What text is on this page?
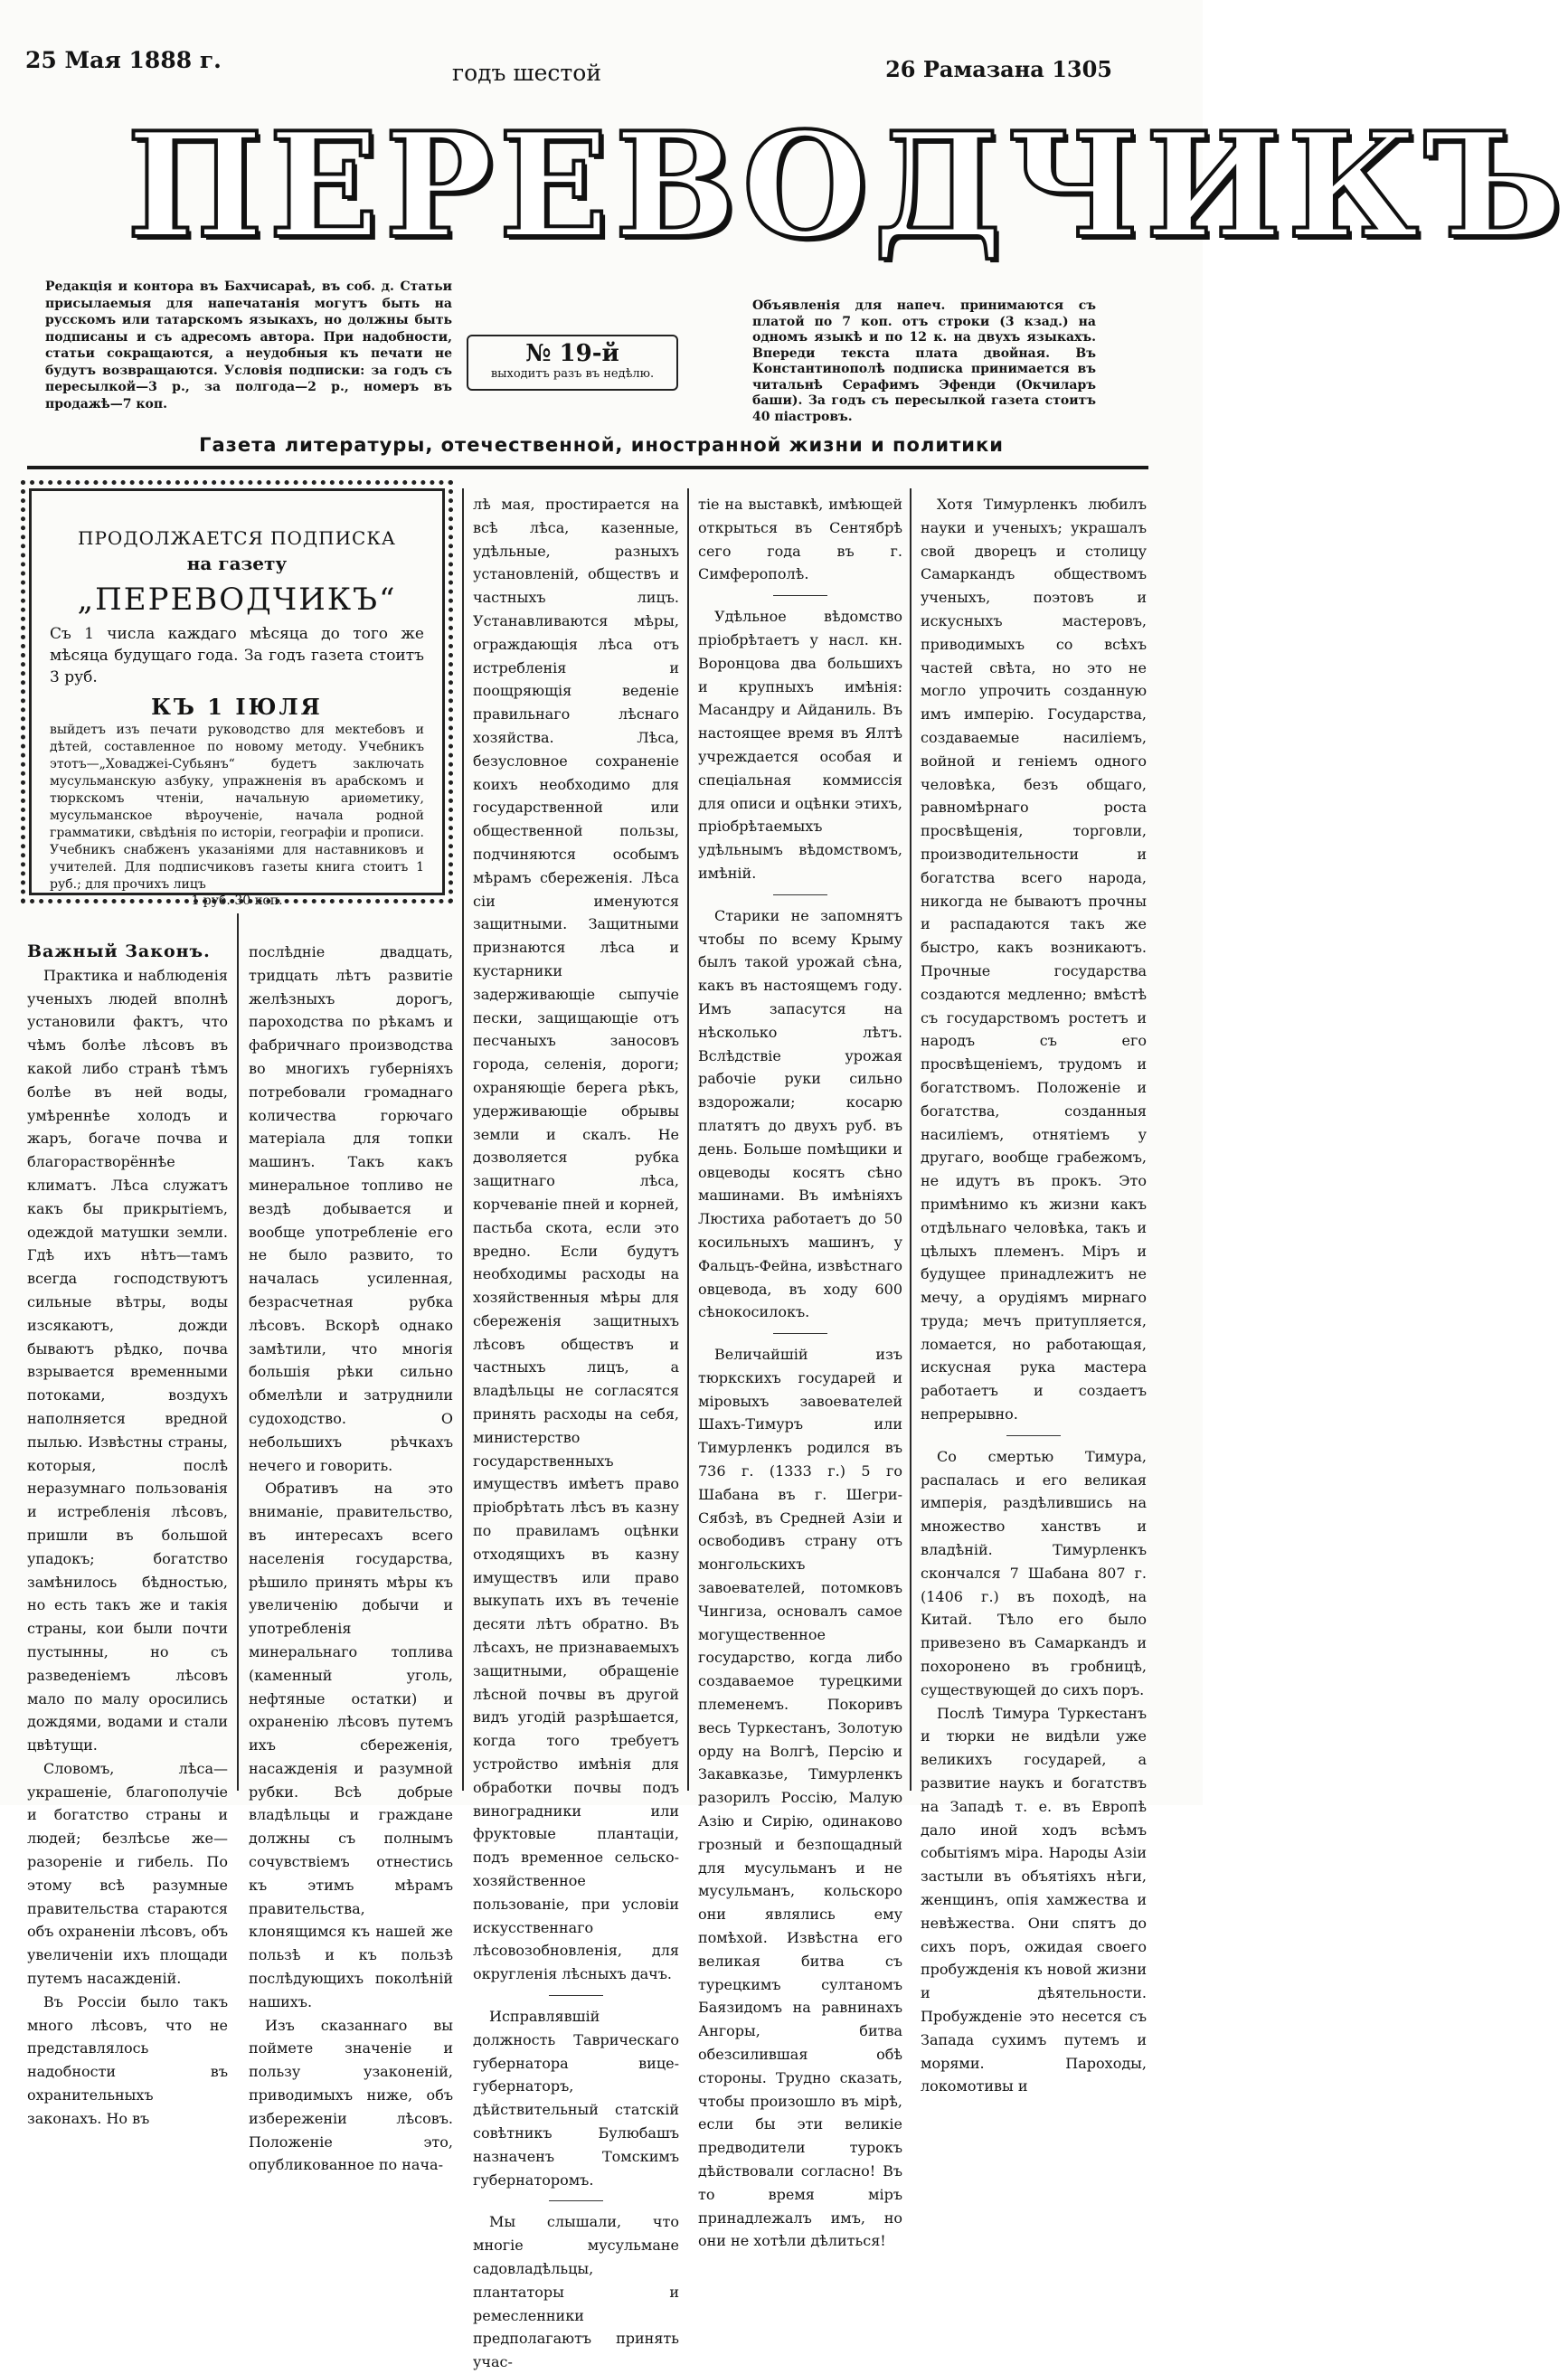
25 Мая 1888 г.	годъ шестой	26 Рамазана 1305
ПЕРЕВОДЧИКЪ
Редакція и контора въ Бахчисараѣ, въ соб. д. Статьи присылаемыя для напечатанія могутъ быть на русскомъ или татарскомъ языкахъ, но должны быть подписаны и съ адресомъ автора. При надобности, статьи сокращаются, а неудобныя къ печати не будутъ возвращаются. Условія подписки: за годъ съ пересылкой—3 р., за полгода—2 р., номеръ въ продажѣ—7 коп.
№ 19-й
выходитъ разъ въ недѣлю.
Объявленія для напеч. принимаются съ платой по 7 коп. отъ строки (3 кзад.) на одномъ языкѣ и по 12 к. на двухъ языкахъ. Впереди текста плата двойная. Въ Константинополѣ подписка принимается въ читальнѣ Серафимъ Эфенди (Окчиларъ баши). За годъ съ пересылкой газета стоитъ 40 піастровъ.
Газета литературы, отечественной, иностранной жизни и политики
ПРОДОЛЖАЕТСЯ ПОДПИСКА
на газету
„ПЕРЕВОДЧИКЪ“
Съ 1 числа каждаго мѣсяца до того же мѣсяца будущаго года. За годъ газета стоитъ 3 руб.
КЪ 1 ІЮЛЯ
выйдетъ изъ печати руководство для мектебовъ и дѣтей, составленное по новому методу. Учебникъ этотъ—„Ховаджеі-Субьянъ“ будетъ заключать мусульманскую азбуку, упражненія въ арабскомъ и тюркскомъ чтеніи, начальную ариѳметику, мусульманское вѣроученіе, начала родной грамматики, свѣдѣнія по исторіи, географіи и прописи. Учебникъ снабженъ указаніями для наставниковъ и учителей. Для подписчиковъ газеты книга стоитъ 1 руб.; для прочихъ лицъ
1 руб. 30 коп.

Важный Законъ.

Практика и наблюденія ученыхъ людей вполнѣ установили фактъ, что чѣмъ болѣе лѣсовъ въ какой либо странѣ тѣмъ болѣе въ ней воды, умѣреннѣе холодъ и жаръ, богаче почва и благорастворённѣе климатъ. Лѣса служатъ какъ бы прикрытіемъ, одеждой матушки земли. Гдѣ ихъ нѣтъ—тамъ всегда господствуютъ сильные вѣтры, воды изсякаютъ, дожди бываютъ рѣдко, почва взрывается временными потоками, воздухъ наполняется вредной пылью. Извѣстны страны, которыя, послѣ неразумнаго пользованія и истребленія лѣсовъ, пришли въ большой упадокъ; богатство замѣнилось бѣдностью, но есть такъ же и такія страны, кои были почти пустынны, но съ разведеніемъ лѣсовъ мало по малу оросились дождями, водами и стали цвѣтущи.

Словомъ, лѣса—украшеніе, благополучіе и богатство страны и людей; безлѣсье же—разореніе и гибель. По этому всѣ разумные правительства стараются объ охраненіи лѣсовъ, объ увеличеніи ихъ площади путемъ насажденій.

Въ Россіи было такъ много лѣсовъ, что не представлялось надобности въ охранительныхъ законахъ. Но въ

послѣдніе двадцать, тридцать лѣтъ развитіе желѣзныхъ дорогъ, пароходства по рѣкамъ и фабричнаго производства во многихъ губерніяхъ потребовали громаднаго количества горючаго матеріала для топки машинъ. Такъ какъ минеральное топливо не вездѣ добывается и вообще употребленіе его не было развито, то началась усиленная, безрасчетная рубка лѣсовъ. Вскорѣ однако замѣтили, что многія большія рѣки сильно обмелѣли и затруднили судоходство. О небольшихъ рѣчкахъ нечего и говорить.

Обративъ на это вниманіе, правительство, въ интересахъ всего населенія государства, рѣшило принять мѣры къ увеличенію добычи и употребленія минеральнаго топлива (каменный уголь, нефтяные остатки) и охраненію лѣсовъ путемъ ихъ сбереженія, насажденія и разумной рубки. Всѣ добрые владѣльцы и граждане должны съ полнымъ сочувствіемъ отнестись къ этимъ мѣрамъ правительства, клонящимся къ нашей же пользѣ и къ пользѣ послѣдующихъ поколѣній нашихъ.

Изъ сказаннаго вы поймете значеніе и пользу узаконеній, приводимыхъ ниже, объ избереженіи лѣсовъ. Положеніе это, опубликованное по нача-

лѣ мая, простирается на всѣ лѣса, казенные, удѣльные, разныхъ установленій, обществъ и частныхъ лицъ. Устанавливаются мѣры, ограждающія лѣса отъ истребленія и поощряющія веденіе правильнаго лѣснаго хозяйства. Лѣса, безусловное сохраненіе коихъ необходимо для государственной или общественной пользы, подчиняются особымъ мѣрамъ сбереженія. Лѣса сіи именуются защитными. Защитными признаются лѣса и кустарники задерживающіе сыпучіе пески, защищающіе отъ песчаныхъ заносовъ города, селенія, дороги; охраняющіе берега рѣкъ, удерживающіе обрывы земли и скалъ. Не дозволяется рубка защитнаго лѣса, корчеваніе пней и корней, пастьба скота, если это вредно. Если будутъ необходимы расходы на хозяйственныя мѣры для сбереженія защитныхъ лѣсовъ обществъ и частныхъ лицъ, а владѣльцы не согласятся принять расходы на себя, министерство государственныхъ имуществъ имѣетъ право пріобрѣтать лѣсъ въ казну по правиламъ оцѣнки отходящихъ въ казну имуществъ или право выкупать ихъ въ теченіе десяти лѣтъ обратно. Въ лѣсахъ, не признаваемыхъ защитными, обращеніе лѣсной почвы въ другой видъ угодій разрѣшается, когда того требуетъ устройство имѣнія для обработки почвы подъ виноградники или фруктовые плантаціи, подъ временное сельско-хозяйственное пользованіе, при условіи искусственнаго лѣсовозобновленія, для округленія лѣсныхъ дачъ.

Исправлявшій должность Таврическаго губернатора вице-губернаторъ, дѣйствительный статскій совѣтникъ Булюбашъ назначенъ Томскимъ губернаторомъ.

Мы слышали, что многіе мусульмане садовладѣльцы, плантаторы и ремесленники предполагаютъ принять учас-

тіе на выставкѣ, имѣющей открыться въ Сентябрѣ сего года въ г. Симферополѣ.

Удѣльное вѣдомство пріобрѣтаетъ у насл. кн. Воронцова два большихъ и крупныхъ имѣнія: Масандру и Айданиль. Въ настоящее время въ Ялтѣ учреждается особая и спеціальная коммиссія для описи и оцѣнки этихъ, пріобрѣтаемыхъ удѣльнымъ вѣдомствомъ, имѣній.

Старики не запомнятъ чтобы по всему Крыму былъ такой урожай сѣна, какъ въ настоящемъ году. Имъ запасутся на нѣсколько лѣтъ. Вслѣдствіе урожая рабочіе руки сильно вздорожали; косарю платятъ до двухъ руб. въ день. Больше помѣщики и овцеводы косятъ сѣно машинами. Въ имѣніяхъ Люстиха работаетъ до 50 косильныхъ машинъ, у Фальцъ-Фейна, извѣстнаго овцевода, въ ходу 600 сѣнокосилокъ.

Величайшій изъ тюркскихъ государей и міровыхъ завоевателей Шахъ-Тимуръ или Тимурленкъ родился въ 736 г. (1333 г.) 5 го Шабана въ г. Шегри-Сябзѣ, въ Средней Азіи и освободивъ страну отъ монгольскихъ завоевателей, потомковъ Чингиза, основалъ самое могущественное государство, когда либо создаваемое турецкими племенемъ. Покоривъ весь Туркестанъ, Золотую орду на Волгѣ, Персію и Закавказье, Тимурленкъ разорилъ Россію, Малую Азію и Сирію, одинаково грозный и безпощадный для мусульманъ и не мусульманъ, кольскоро они являлись ему помѣхой. Извѣстна его великая битва съ турецкимъ султаномъ Баязидомъ на равнинахъ Ангоры, битва обезсилившая обѣ стороны. Трудно сказать, чтобы произошло въ мірѣ, если бы эти великіе предводители турокъ дѣйствовали согласно! Въ то время міръ принадлежалъ имъ, но они не хотѣли дѣлиться!

Хотя Тимурленкъ любилъ науки и ученыхъ; украшалъ свой дворецъ и столицу Самаркандъ обществомъ ученыхъ, поэтовъ и искусныхъ мастеровъ, приводимыхъ со всѣхъ частей свѣта, но это не могло упрочить созданную имъ имперію. Государства, создаваемые насиліемъ, войной и геніемъ одного человѣка, безъ общаго, равномѣрнаго роста просвѣщенія, торговли, производительности и богатства всего народа, никогда не бываютъ прочны и распадаются такъ же быстро, какъ возникаютъ. Прочные государства создаются медленно; вмѣстѣ съ государствомъ ростетъ и народъ съ его просвѣщеніемъ, трудомъ и богатствомъ. Положеніе и богатства, созданныя насиліемъ, отнятіемъ у другаго, вообще грабежомъ, не идутъ въ прокъ. Это примѣнимо къ жизни какъ отдѣльнаго человѣка, такъ и цѣлыхъ племенъ. Міръ и будущее принадлежитъ не мечу, а орудіямъ мирнаго труда; мечъ притупляется, ломается, но работающая, искусная рука мастера работаетъ и создаетъ непрерывно.

Со смертью Тимура, распалась и его великая имперія, раздѣлившись на множество ханствъ и владѣній. Тимурленкъ скончался 7 Шабана 807 г. (1406 г.) въ походѣ, на Китай. Тѣло его было привезено въ Самаркандъ и похоронено въ гробницѣ, существующей до сихъ поръ.

Послѣ Тимура Туркестанъ и тюрки не видѣли уже великихъ государей, а развитие наукъ и богатствъ на Западѣ т. е. въ Европѣ дало иной ходъ всѣмъ событіямъ міра. Народы Азіи застыли въ объятіяхъ нѣги, женщинъ, опія хамжества и невѣжества. Они спятъ до сихъ поръ, ожидая своего пробужденія къ новой жизни и дѣятельности. Пробужденіе это несется съ Запада сухимъ путемъ и морями. Пароходы, локомотивы и
